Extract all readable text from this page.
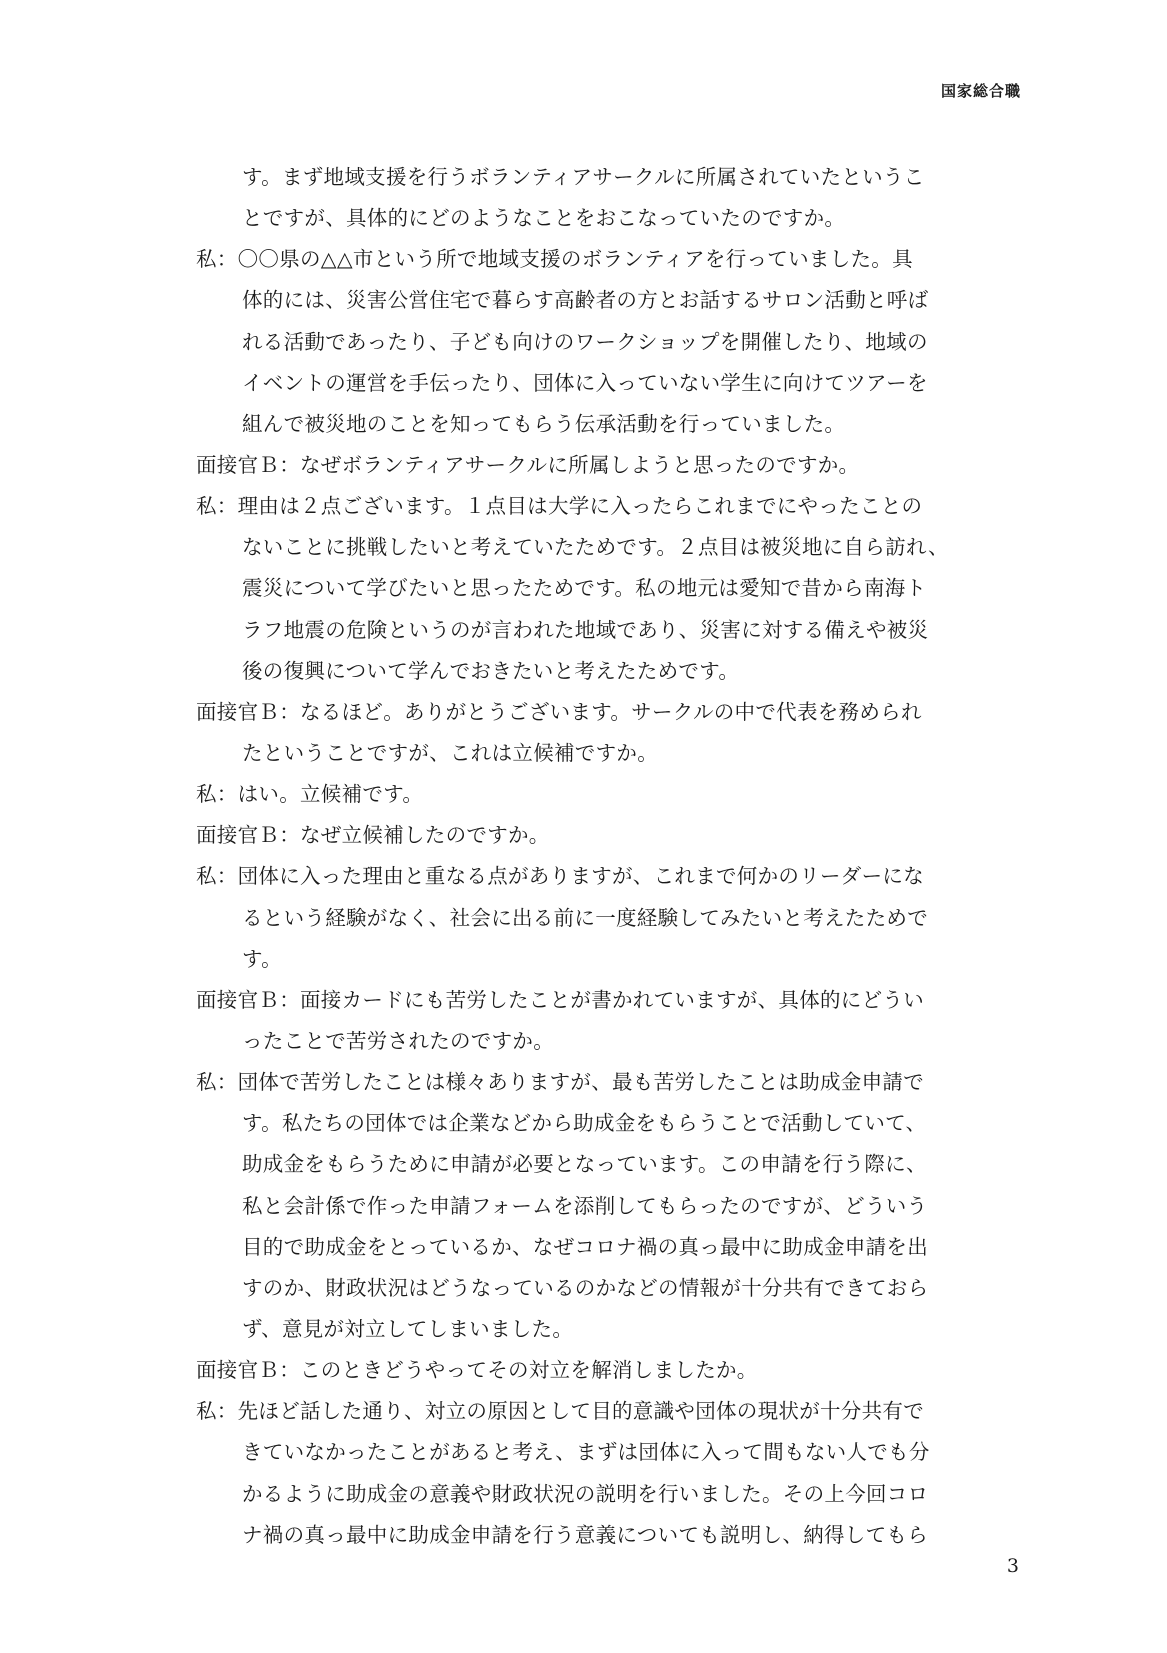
国家総合職
す。まず地域支援を行うボランティアサークルに所属されていたというこ
とですが、具体的にどのようなことをおこなっていたのですか。
私：〇〇県の△△市という所で地域支援のボランティアを行っていました。具
体的には、災害公営住宅で暮らす高齢者の方とお話するサロン活動と呼ば
れる活動であったり、子ども向けのワークショップを開催したり、地域の
イベントの運営を手伝ったり、団体に入っていない学生に向けてツアーを
組んで被災地のことを知ってもらう伝承活動を行っていました。
面接官Ｂ：なぜボランティアサークルに所属しようと思ったのですか。
私：理由は２点ございます。１点目は大学に入ったらこれまでにやったことの
ないことに挑戦したいと考えていたためです。２点目は被災地に自ら訪れ、
震災について学びたいと思ったためです。私の地元は愛知で昔から南海ト
ラフ地震の危険というのが言われた地域であり、災害に対する備えや被災
後の復興について学んでおきたいと考えたためです。
面接官Ｂ：なるほど。ありがとうございます。サークルの中で代表を務められ
たということですが、これは立候補ですか。
私：はい。立候補です。
面接官Ｂ：なぜ立候補したのですか。
私：団体に入った理由と重なる点がありますが、これまで何かのリーダーにな
るという経験がなく、社会に出る前に一度経験してみたいと考えたためで
す。
面接官Ｂ：面接カードにも苦労したことが書かれていますが、具体的にどうい
ったことで苦労されたのですか。
私：団体で苦労したことは様々ありますが、最も苦労したことは助成金申請で
す。私たちの団体では企業などから助成金をもらうことで活動していて、
助成金をもらうために申請が必要となっています。この申請を行う際に、
私と会計係で作った申請フォームを添削してもらったのですが、どういう
目的で助成金をとっているか、なぜコロナ禍の真っ最中に助成金申請を出
すのか、財政状況はどうなっているのかなどの情報が十分共有できておら
ず、意見が対立してしまいました。
面接官Ｂ：このときどうやってその対立を解消しましたか。
私：先ほど話した通り、対立の原因として目的意識や団体の現状が十分共有で
きていなかったことがあると考え、まずは団体に入って間もない人でも分
かるように助成金の意義や財政状況の説明を行いました。その上今回コロ
ナ禍の真っ最中に助成金申請を行う意義についても説明し、納得してもら
3
